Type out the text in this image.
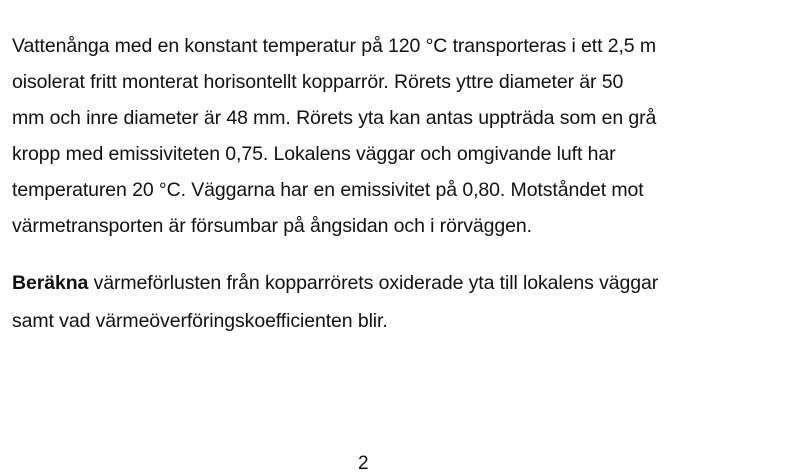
Vattenånga med en konstant temperatur på 120 °C transporteras i ett 2,5 m
oisolerat fritt monterat horisontellt kopparrör. Rörets yttre diameter är 50
mm och inre diameter är 48 mm. Rörets yta kan antas uppträda som en grå
kropp med emissiviteten 0,75. Lokalens väggar och omgivande luft har
temperaturen 20 °C. Väggarna har en emissivitet på 0,80. Motståndet mot
värmetransporten är försumbar på ångsidan och i rörväggen.

Beräkna värmeförlusten från kopparrörets oxiderade yta till lokalens väggar
samt vad värmeöverföringskoefficienten blir.

2
